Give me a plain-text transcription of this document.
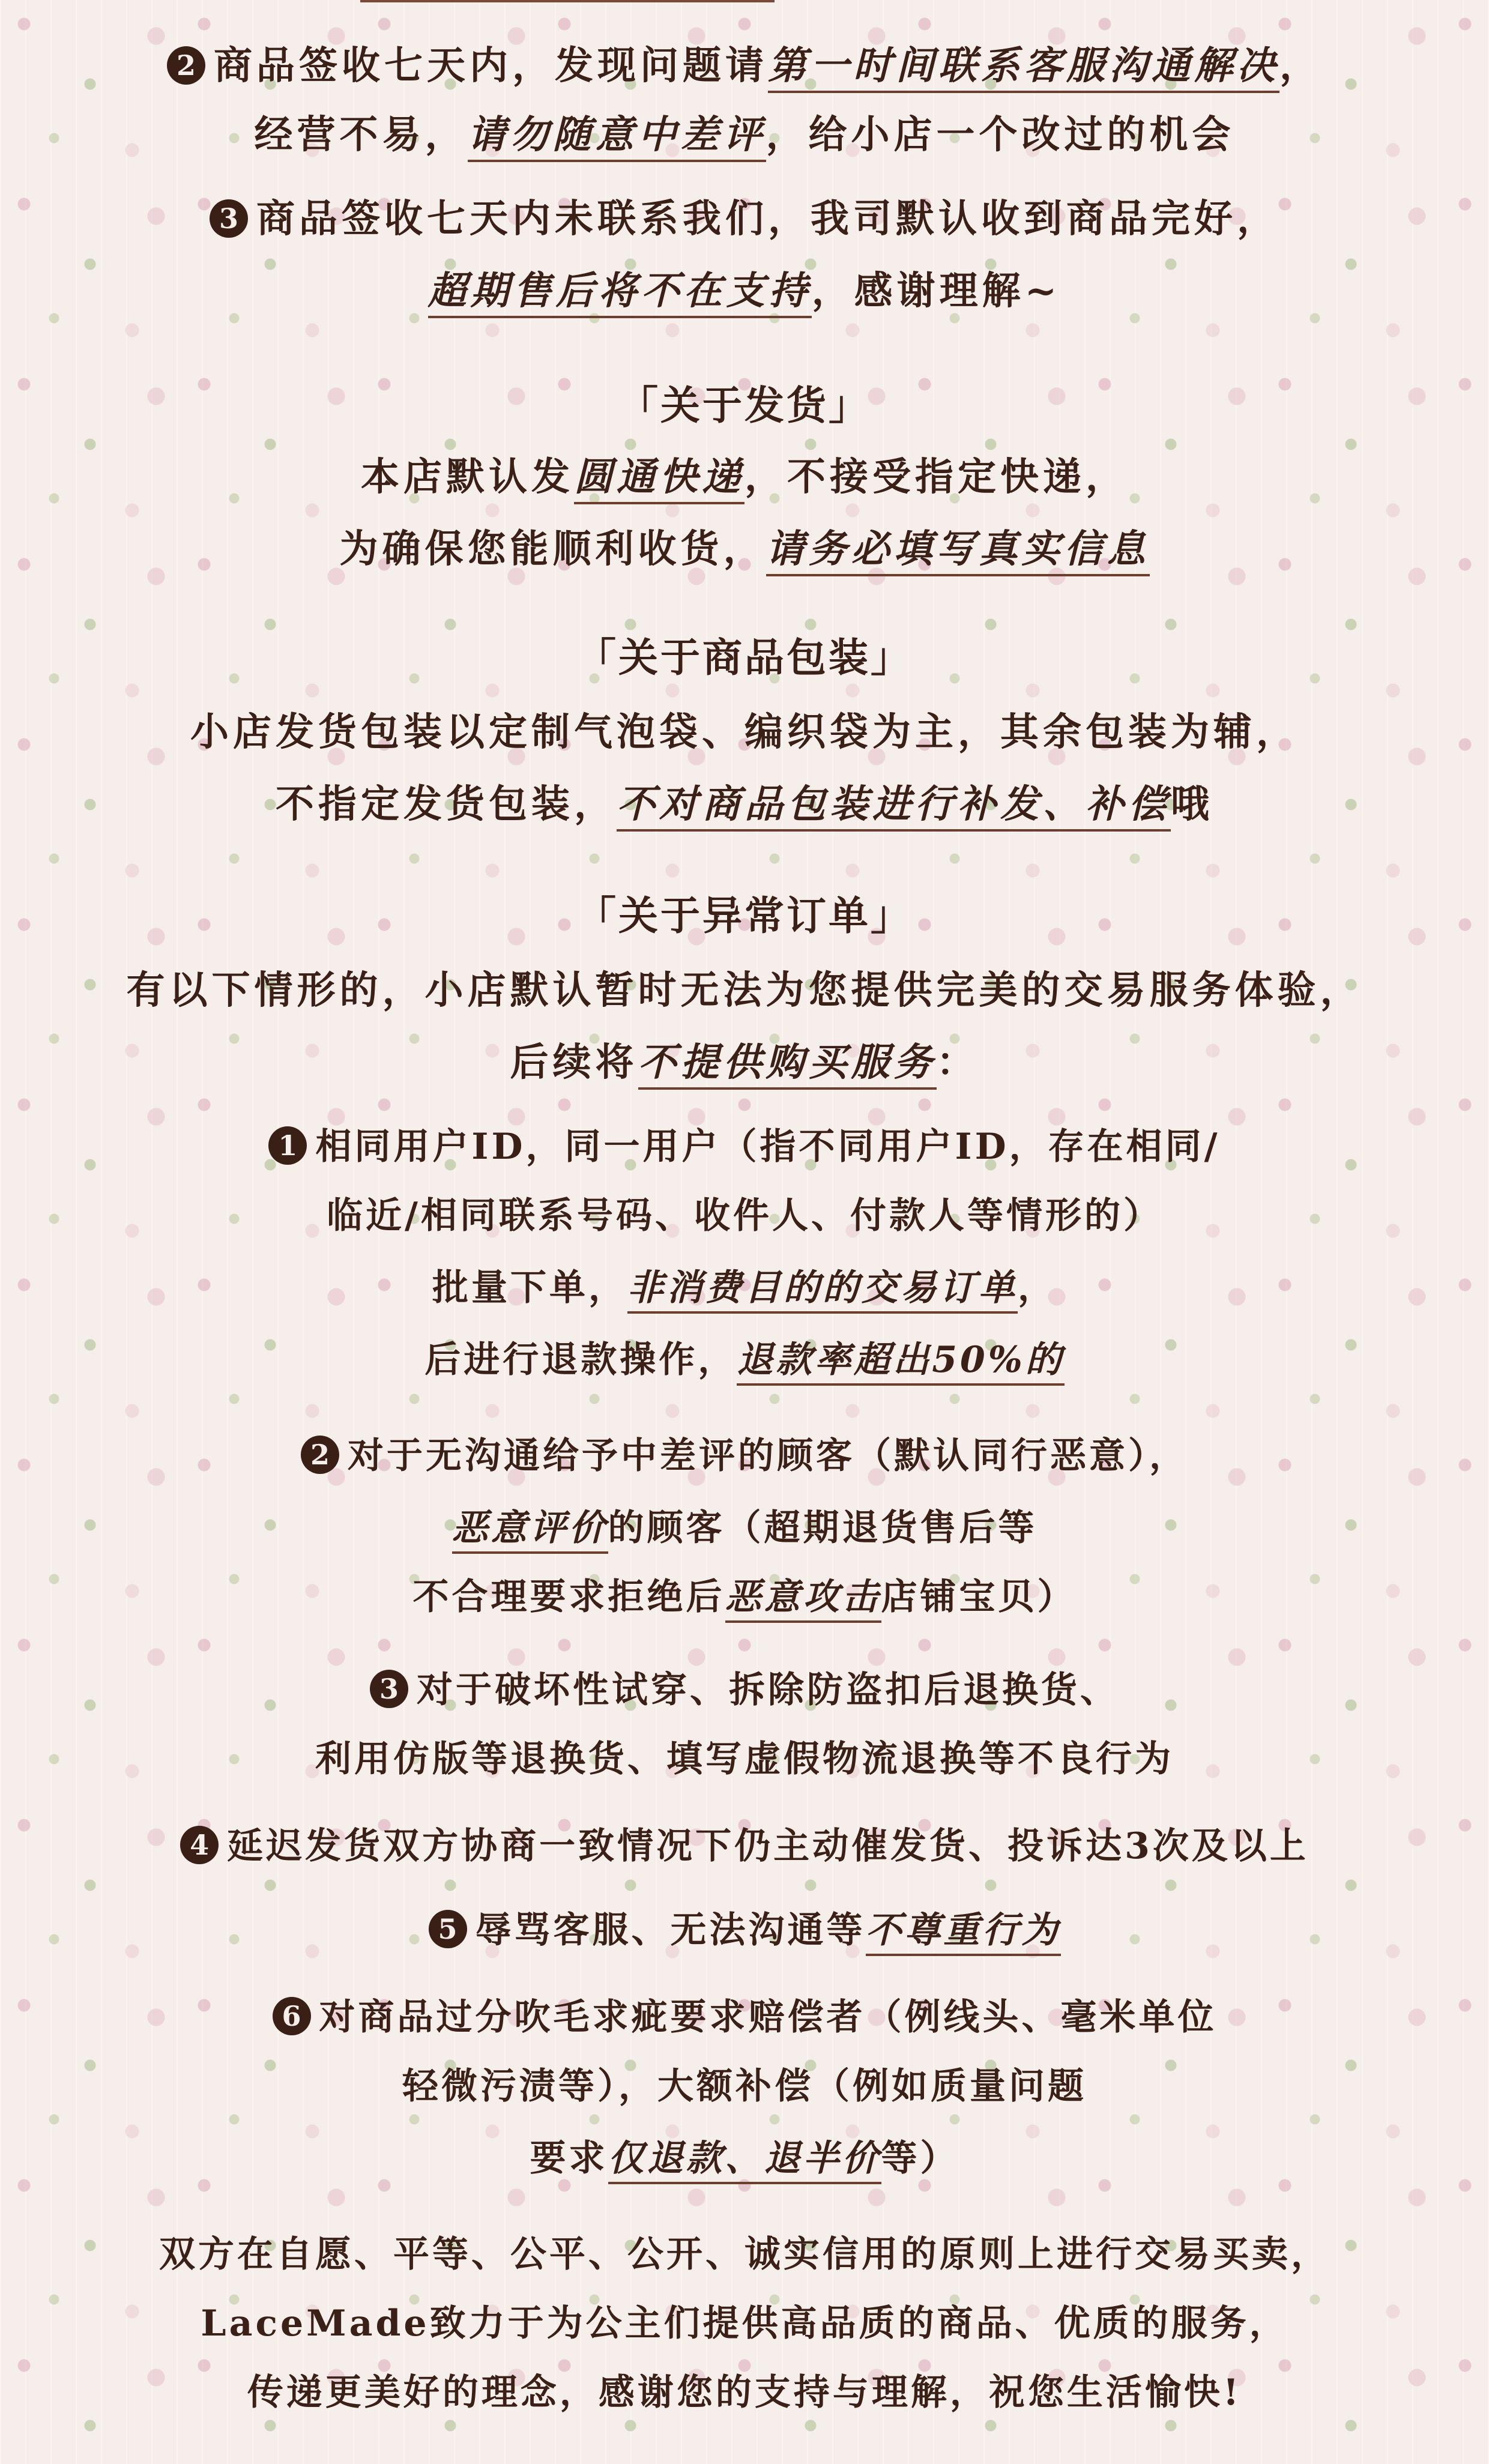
2 商品签收七天内，发现问题请第一时间联系客服沟通解决，
经营不易，请勿随意中差评，给小店一个改过的机会
3 商品签收七天内未联系我们，我司默认收到商品完好，
超期售后将不在支持，感谢理解~
「关于发货」
本店默认发圆通快递，不接受指定快递，
为确保您能顺利收货，请务必填写真实信息
「关于商品包装」
小店发货包装以定制气泡袋、编织袋为主，其余包装为辅，
不指定发货包装，不对商品包装进行补发、补偿哦
「关于异常订单」
有以下情形的，小店默认暂时无法为您提供完美的交易服务体验，
后续将不提供购买服务：
1 相同用户ID，同一用户（指不同用户ID，存在相同/
临近/相同联系号码、收件人、付款人等情形的）
批量下单，非消费目的的交易订单，
后进行退款操作，退款率超出50%的
2 对于无沟通给予中差评的顾客（默认同行恶意），
恶意评价的顾客（超期退货售后等
不合理要求拒绝后恶意攻击店铺宝贝）
3 对于破坏性试穿、拆除防盗扣后退换货、
利用仿版等退换货、填写虚假物流退换等不良行为
4 延迟发货双方协商一致情况下仍主动催发货、投诉达3次及以上
5 辱骂客服、无法沟通等不尊重行为
6 对商品过分吹毛求疵要求赔偿者（例线头、毫米单位
轻微污渍等），大额补偿（例如质量问题
要求仅退款、退半价等）
双方在自愿、平等、公平、公开、诚实信用的原则上进行交易买卖，
LaceMade致力于为公主们提供高品质的商品、优质的服务，
传递更美好的理念，感谢您的支持与理解，祝您生活愉快!
